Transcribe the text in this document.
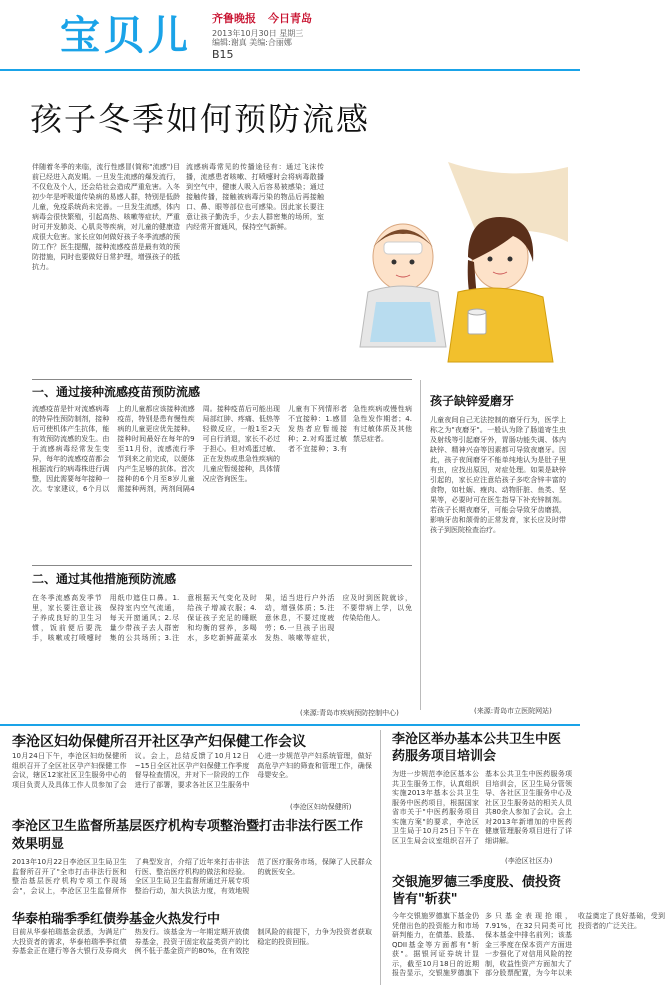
宝贝儿 齐鲁晚报 今日青岛
2013年10月30日 星期三
编辑:谢真 美编:合丽娜
B15
孩子冬季如何预防流感
伴随着冬季的来临，流行性感冒(简称"流感")目前已经进入高发期。一旦发生流感的爆发流行，不仅危及个人，还会给社会造成严重危害。入冬初少年是呼吸道传染病的易感人群，特别是低龄儿童，免疫系统尚未完善。一旦发生流感，体内病毒会很快繁殖，引起高热、咳嗽等症状，严重时可并发肺炎、心肌炎等疾病，对儿童的健康造成很大危害。家长应如何做好孩子冬季流感的预防工作？医生提醒，接种流感疫苗是最有效的预防措施，同时也要做好日常护理，增强孩子的抵抗力。
流感病毒常见的传播途径有：通过飞沫传播，流感患者咳嗽、打喷嚏时会将病毒散播到空气中，健康人吸入后容易被感染；通过接触传播，接触被病毒污染的物品后再接触口、鼻、眼等部位也可感染。因此家长要注意让孩子勤洗手，少去人群密集的场所，室内经常开窗通风，保持空气新鲜。
一、通过接种流感疫苗预防流感
流感疫苗是针对流感病毒的特异性预防制剂，接种后可使机体产生抗体，能有效预防流感的发生。由于流感病毒经常发生变异，每年的流感疫苗都会根据流行的病毒株进行调整，因此需要每年接种一次。专家建议，6个月以上的儿童都应该接种流感疫苗，特别是患有慢性疾病的儿童更应优先接种。接种时间最好在每年的9至11月份，流感流行季节到来之前完成，以便体内产生足够的抗体。首次接种的6个月至8岁儿童需接种两剂，两剂间隔4周。接种疫苗后可能出现局部红肿、疼痛、低热等轻微反应，一般1至2天可自行消退，家长不必过于担心。但对鸡蛋过敏、正在发热或患急性疾病的儿童应暂缓接种，具体情况应咨询医生。
儿童有下列情形者不宜接种：1.感冒发热者应暂缓接种；2.对鸡蛋过敏者不宜接种；3.有急性疾病或慢性病急性发作期者；4.有过敏体质及其他禁忌症者。
二、通过其他措施预防流感
在冬季流感高发季节里，家长要注意让孩子养成良好的卫生习惯，饭前便后要洗手，咳嗽或打喷嚏时用纸巾遮住口鼻。1.保持室内空气流通，每天开窗通风；2.尽量少带孩子去人群密集的公共场所；3.注意根据天气变化及时给孩子增减衣服；4.保证孩子充足的睡眠和均衡的营养，多喝水，多吃新鲜蔬菜水果，适当进行户外活动，增强体质；5.注意休息，不要过度疲劳；6.一旦孩子出现发热、咳嗽等症状，应及时到医院就诊，不要带病上学，以免传染给他人。
(来源:青岛市疾病预防控制中心)
孩子缺锌爱磨牙
儿童夜间自己无法控制的磨牙行为，医学上称之为"夜磨牙"。一般认为除了肠道寄生虫及射线等引起磨牙外，胃肠功能失调、体内缺锌、精神兴奋等因素都可导致夜磨牙。因此，孩子夜间磨牙不能单纯地认为是肚子里有虫，应找出原因，对症处理。如果是缺锌引起的，家长应注意给孩子多吃含锌丰富的食物，如牡蛎、瘦肉、动物肝脏、鱼类、坚果等，必要时可在医生指导下补充锌制剂。若孩子长期夜磨牙，可能会导致牙齿磨损，影响牙齿和颌骨的正常发育，家长应及时带孩子到医院检查治疗。
(来源:青岛市立医院网站)
李沧区妇幼保健所召开社区孕产妇保健工作会议
10月24日下午，李沧区妇幼保健所组织召开了全区社区孕产妇保健工作会议，辖区12家社区卫生服务中心的项目负责人及具体工作人员参加了会议。会上，总结反馈了10月12日~15日全区社区孕产妇保健工作季度督导检查情况，并对下一阶段的工作进行了部署，要求各社区卫生服务中心进一步规范孕产妇系统管理，做好高危孕产妇的筛查和管理工作，确保母婴安全。
(李沧区妇幼保健所)
李沧区卫生监督所基层医疗机构专项整治暨打击非法行医工作效果明显
2013年10月22日李沧区卫生局卫生监督所召开了"全市打击非法行医和整治基层医疗机构专项工作现场会"，会议上，李沧区卫生监督所作了典型发言，介绍了近年来打击非法行医、整治医疗机构的做法和经验。全区卫生局卫生监督所通过开展专项整治行动，加大执法力度，有效地规范了医疗服务市场，保障了人民群众的就医安全。
华泰柏瑞季季红债券基金火热发行中
目前从华泰柏瑞基金获悉，为满足广大投资者的需求，华泰柏瑞季季红债券基金正在建行等各大银行及券商火热发行。该基金为一年期定期开放债券基金，投资于固定收益类资产的比例不低于基金资产的80%，在有效控制风险的前提下，力争为投资者获取稳定的投资回报。
李沧区举办基本公共卫生中医药服务项目培训会
为进一步规范李沧区基本公共卫生服务工作，认真组织实施2013年基本公共卫生服务中医药项目，根据国家省市关于"中医药服务项目实施方案"的要求，李沧区卫生局于10月25日下午在区卫生局会议室组织召开了基本公共卫生中医药服务项目培训会，区卫生局分管领导、各社区卫生服务中心及社区卫生服务站的相关人员共80余人参加了会议。会上对2013年新增加的中医药健康管理服务项目进行了详细讲解。
(李沧区社区办)
交银施罗德三季度股、债投资皆有"斩获"
今年交银施罗德旗下基金仍凭借出色的投资能力和市场研判能力，在债基、股基、QDII基金等方面都有"斩获"。据银河证券统计显示，截至10月18日的近期报告显示，交银施罗德旗下多只基金表现抢眼，7.91%，在32只同类可比保本基金中排名前列；该基金三季度在保本资产方面进一步强化了对信用风险的控制，收益性资产方面加大了部分股票配置，为今年以来收益奠定了良好基础，受到投资者的广泛关注。
